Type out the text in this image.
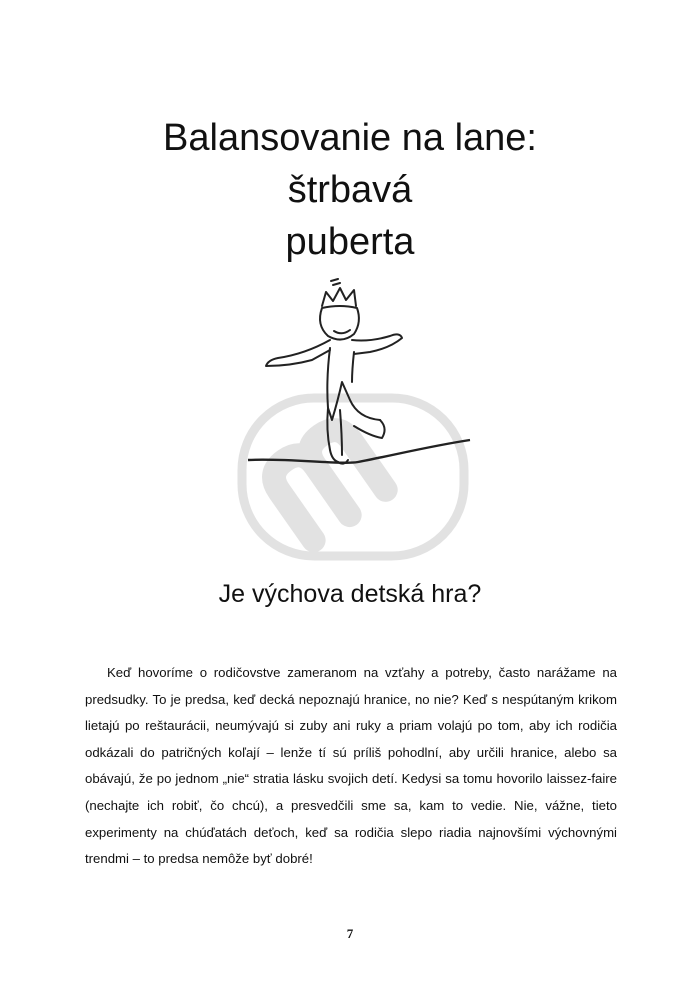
Balansovanie na lane:
štrbavá
puberta
Je výchova detská hra?

Keď hovoríme o rodičovstve zameranom na vzťahy a potreby, často narážame na predsudky. To je predsa, keď decká nepoznajú hranice, no nie? Keď s nespútaným krikom lietajú po reštaurácii, neumývajú si zuby ani ruky a priam volajú po tom, aby ich rodičia odkázali do patričných koľají – lenže tí sú príliš pohodlní, aby určili hranice, alebo sa obávajú, že po jednom „nie“ stratia lásku svojich detí. Kedysi sa tomu hovorilo laissez-faire (nechajte ich robiť, čo chcú), a presvedčili sme sa, kam to vedie. Nie, vážne, tieto experimenty na chúďatách deťoch, keď sa rodičia slepo riadia najnovšími výchovnými trendmi – to predsa nemôže byť dobré!

7
